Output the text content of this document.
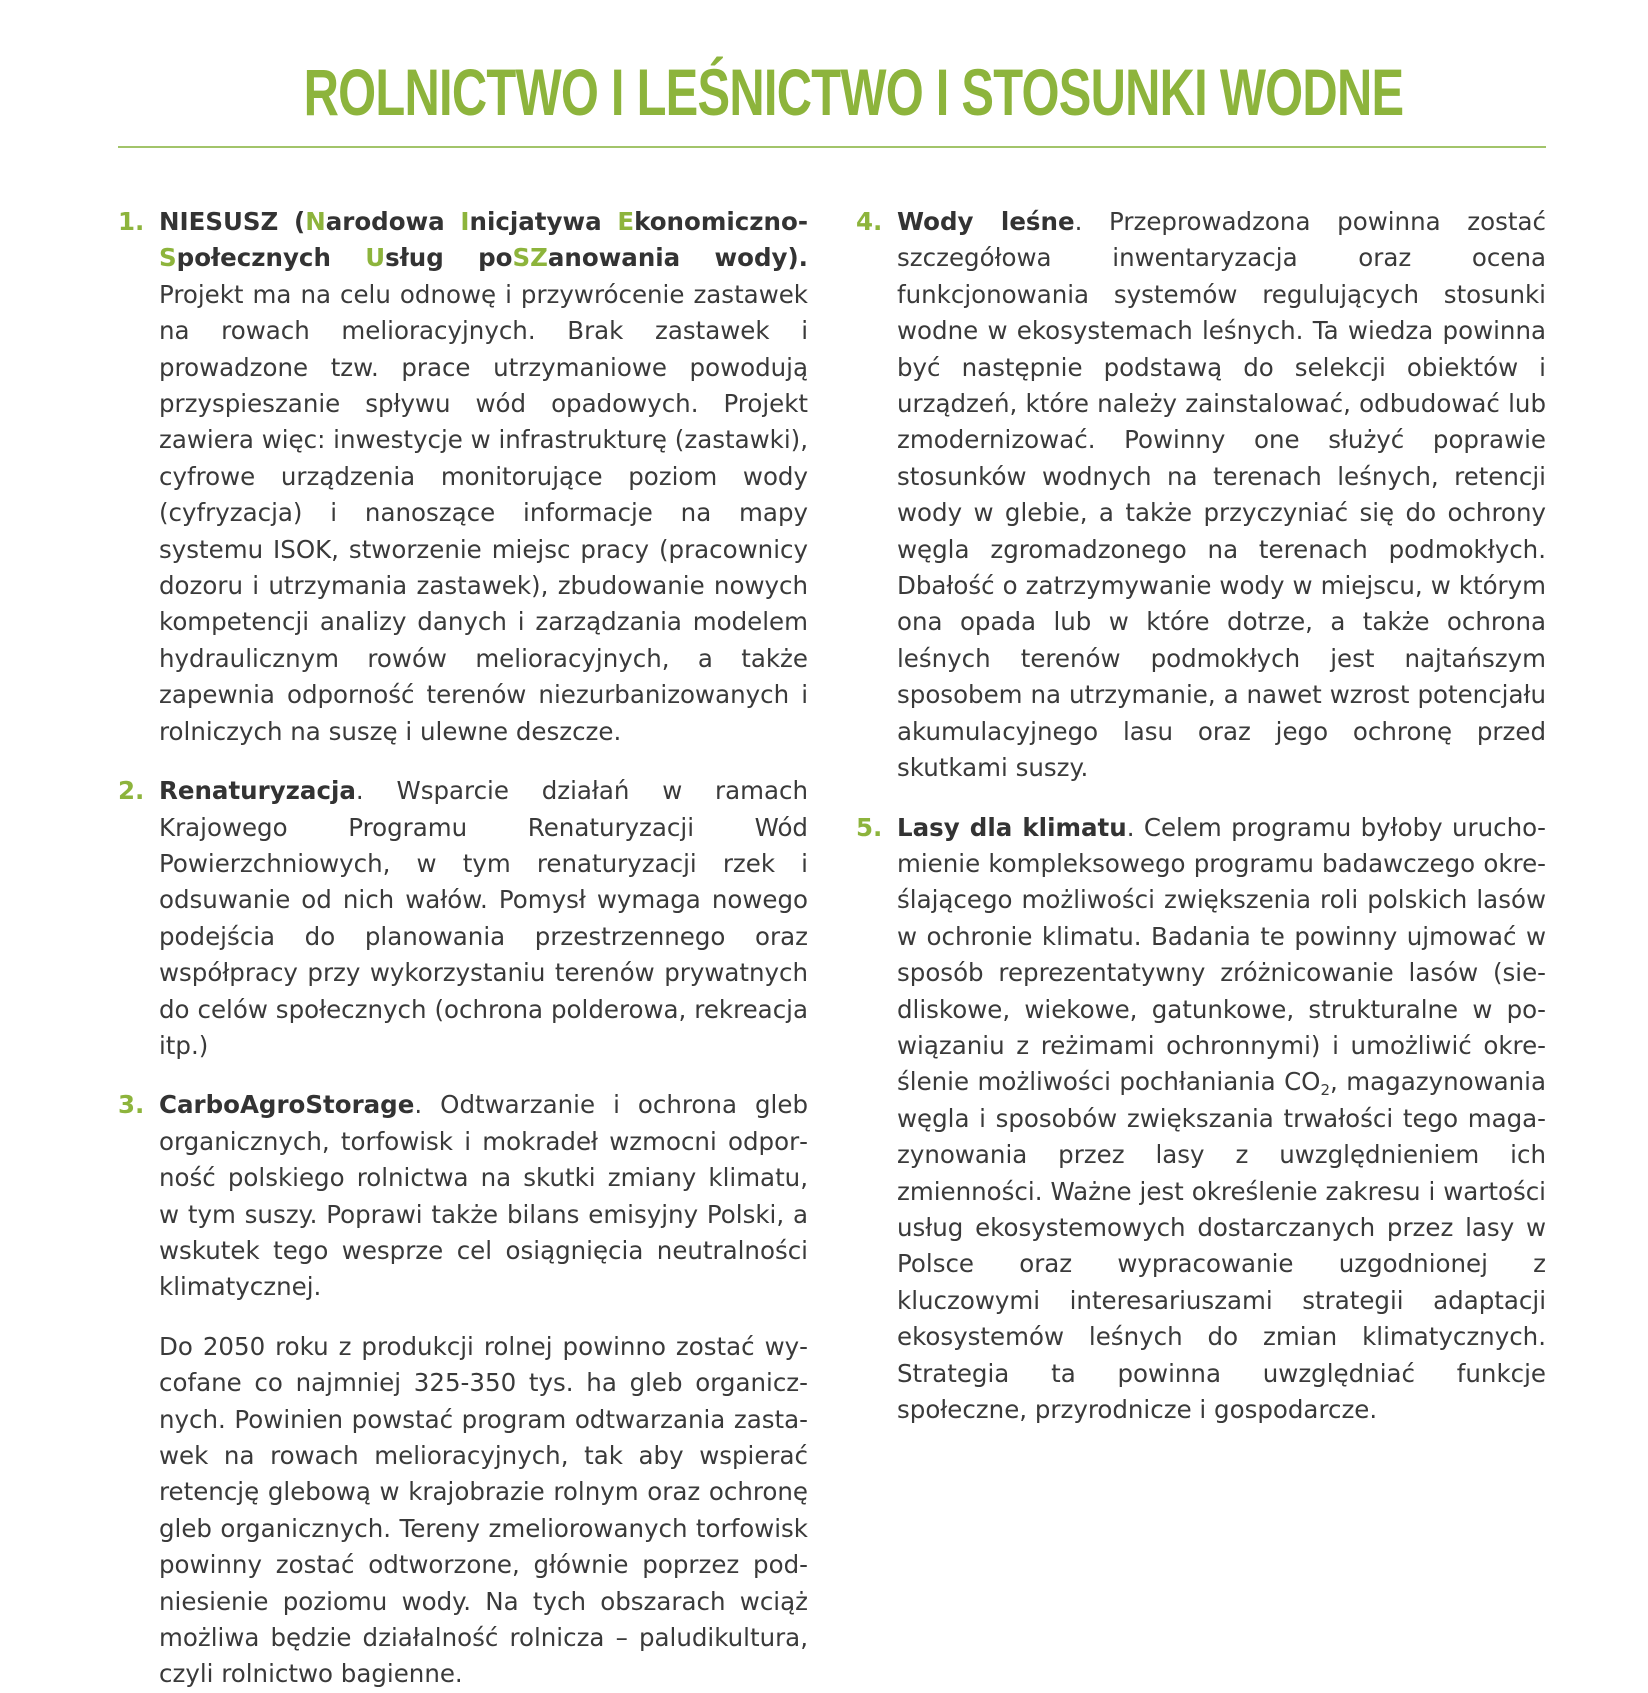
ROLNICTWO I LEŚNICTWO I STOSUNKI WODNE
1. NIESUSZ (Narodowa Inicjatywa Ekonomiczno-Społecznych Usług poSZanowania wody). Projekt ma na celu odnowę i przywrócenie zastawek na rowach melioracyjnych. Brak zastawek i prowadzone tzw. prace utrzymaniowe powodują przyspieszanie spływu wód opadowych. Projekt zawiera więc: inwestycje w infrastrukturę (zastawki), cyfrowe urządzenia monitorujące poziom wody (cyfryzacja) i nanoszące informacje na mapy systemu ISOK, stworzenie miejsc pracy (pracownicy dozoru i utrzymania zastawek), zbudowanie nowych kompetencji analizy danych i zarządzania modelem hydraulicznym rowów melioracyjnych, a także zapewnia odporność terenów niezurbanizowanych i rolniczych na suszę i ulewne deszcze.
2. Renaturyzacja. Wsparcie działań w ramach Krajowego Programu Renaturyzacji Wód Powierzchniowych, w tym renaturyzacji rzek i odsuwanie od nich wałów. Pomysł wymaga nowego podejścia do planowania przestrzennego oraz współpracy przy wykorzystaniu terenów prywatnych do celów społecznych (ochrona polderowa, rekreacja itp.)
3. CarboAgroStorage. Odtwarzanie i ochrona gleb organicznych, torfowisk i mokradeł wzmocni odporność polskiego rolnictwa na skutki zmiany klimatu, w tym suszy. Poprawi także bilans emisyjny Polski, a wskutek tego wesprze cel osiągnięcia neutralności klimatycznej.
Do 2050 roku z produkcji rolnej powinno zostać wycofane co najmniej 325-350 tys. ha gleb organicznych. Powinien powstać program odtwarzania zastawek na rowach melioracyjnych, tak aby wspierać retencję glebową w krajobrazie rolnym oraz ochronę gleb organicznych. Tereny zmeliorowanych torfowisk powinny zostać odtworzone, głównie poprzez podniesienie poziomu wody. Na tych obszarach wciąż możliwa będzie działalność rolnicza – paludikultura, czyli rolnictwo bagienne.
4. Wody leśne. Przeprowadzona powinna zostać szczegółowa inwentaryzacja oraz ocena funkcjonowania systemów regulujących stosunki wodne w ekosystemach leśnych. Ta wiedza powinna być następnie podstawą do selekcji obiektów i urządzeń, które należy zainstalować, odbudować lub zmodernizować. Powinny one służyć poprawie stosunków wodnych na terenach leśnych, retencji wody w glebie, a także przyczyniać się do ochrony węgla zgromadzonego na terenach podmokłych. Dbałość o zatrzymywanie wody w miejscu, w którym ona opada lub w które dotrze, a także ochrona leśnych terenów podmokłych jest najtańszym sposobem na utrzymanie, a nawet wzrost potencjału akumulacyjnego lasu oraz jego ochronę przed skutkami suszy.
5. Lasy dla klimatu. Celem programu byłoby uruchomienie kompleksowego programu badawczego określającego możliwości zwiększenia roli polskich lasów w ochronie klimatu. Badania te powinny ujmować w sposób reprezentatywny zróżnicowanie lasów (siedliskowe, wiekowe, gatunkowe, strukturalne w powiązaniu z reżimami ochronnymi) i umożliwić określenie możliwości pochłaniania $CO_2$, magazynowania węgla i sposobów zwiększania trwałości tego magazynowania przez lasy z uwzględnieniem ich zmienności. Ważne jest określenie zakresu i wartości usług ekosystemowych dostarczanych przez lasy w Polsce oraz wypracowanie uzgodnionej z kluczowymi interesariuszami strategii adaptacji ekosystemów leśnych do zmian klimatycznych. Strategia ta powinna uwzględniać funkcje społeczne, przyrodnicze i gospodarcze.
